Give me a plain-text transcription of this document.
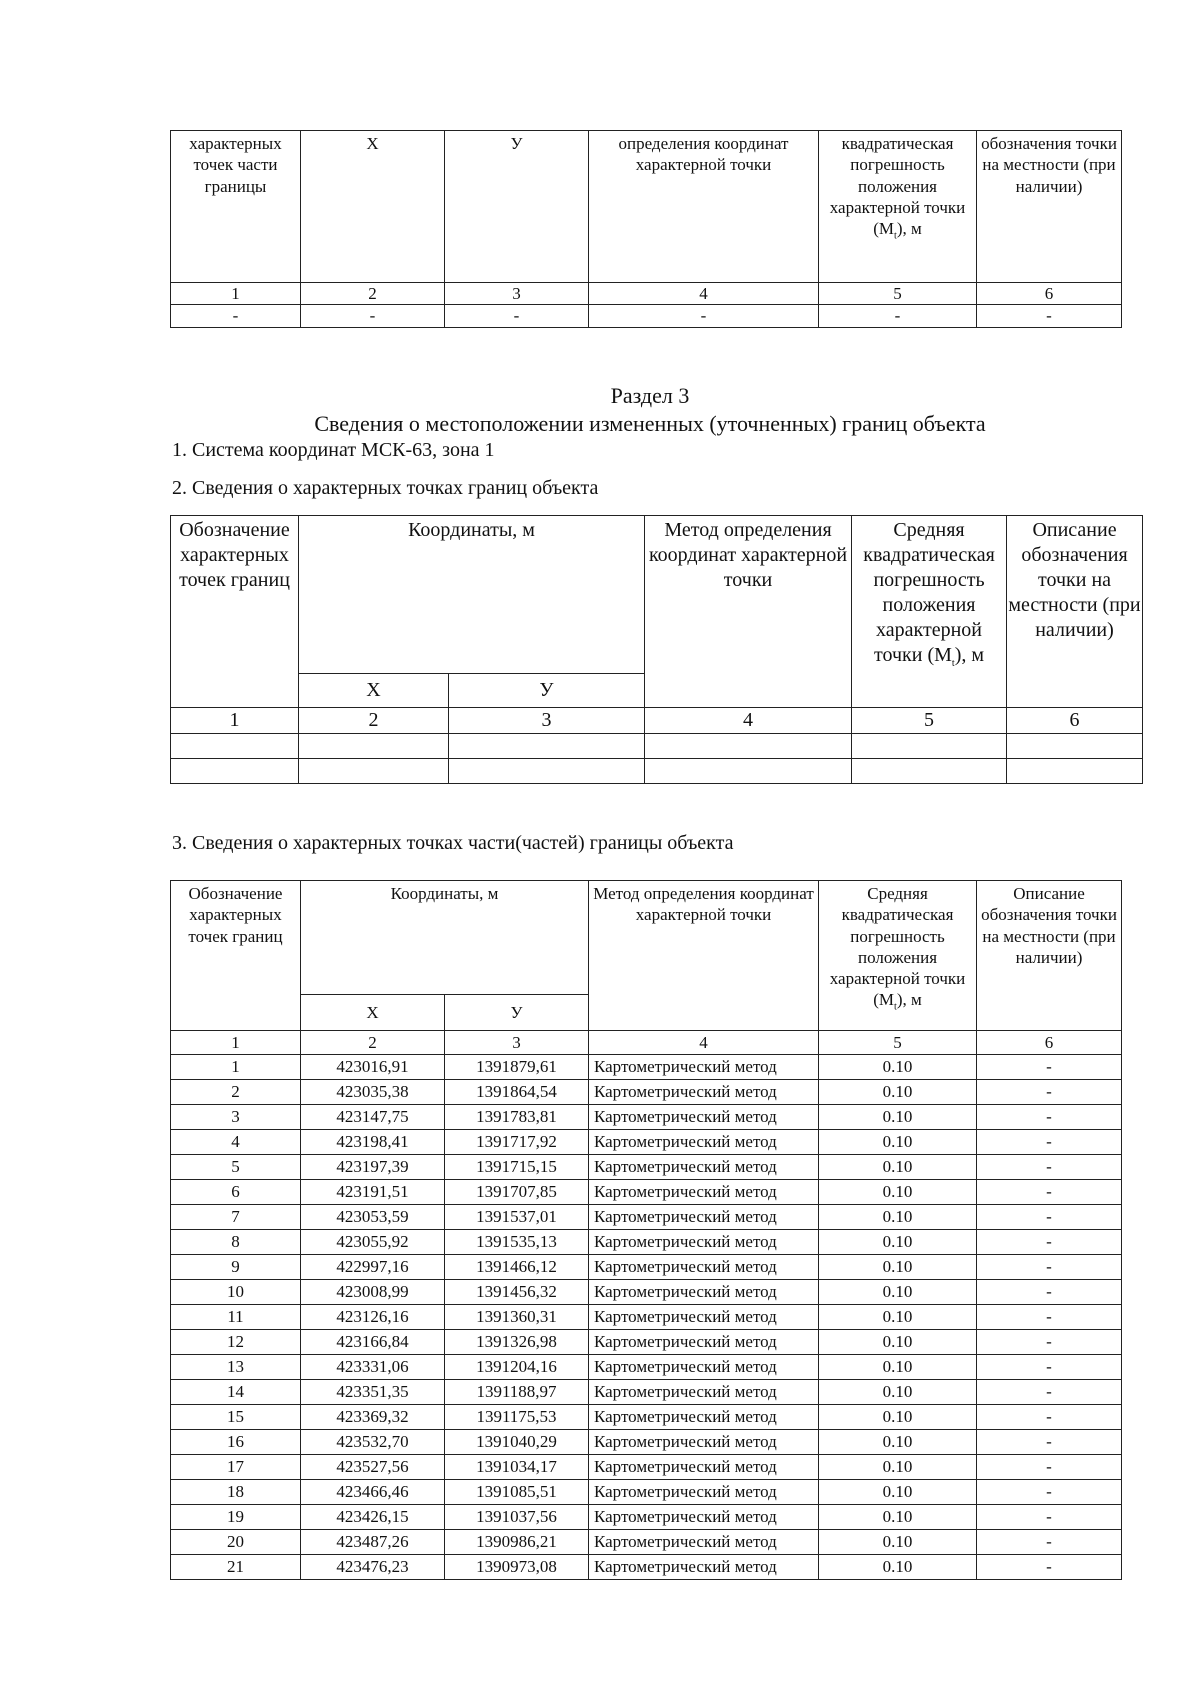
характерных точек части границы	Х	У	определения координат характерной точки	квадратическая погрешность положения характерной точки $(М_t)$, м	обозначения точки на местности (при наличии)
1	2	3	4	5	6
-	-	-	-	-	-
Раздел 3
Сведения о местоположении измененных (уточненных) границ объекта
1. Система координат МСК-63, зона 1
2. Сведения о характерных точках границ объекта
Обозначение характерных точек границ	Координаты, м		Метод определения координат характерной точки	Средняя квадратическая погрешность положения характерной точки $(М_t)$, м	Описание обозначения точки на местности (при наличии)
	Х	У			
1	2	3	4	5	6

3. Сведения о характерных точках части(частей) границы объекта
Обозначение характерных точек границ	Координаты, м		Метод определения координат характерной точки	Средняя квадратическая погрешность положения характерной точки $(М_t)$, м	Описание обозначения точки на местности (при наличии)
	Х	У			
1	2	3	4	5	6
1	423016,91	1391879,61	Картометрический метод	0.10	-
2	423035,38	1391864,54	Картометрический метод	0.10	-
3	423147,75	1391783,81	Картометрический метод	0.10	-
4	423198,41	1391717,92	Картометрический метод	0.10	-
5	423197,39	1391715,15	Картометрический метод	0.10	-
6	423191,51	1391707,85	Картометрический метод	0.10	-
7	423053,59	1391537,01	Картометрический метод	0.10	-
8	423055,92	1391535,13	Картометрический метод	0.10	-
9	422997,16	1391466,12	Картометрический метод	0.10	-
10	423008,99	1391456,32	Картометрический метод	0.10	-
11	423126,16	1391360,31	Картометрический метод	0.10	-
12	423166,84	1391326,98	Картометрический метод	0.10	-
13	423331,06	1391204,16	Картометрический метод	0.10	-
14	423351,35	1391188,97	Картометрический метод	0.10	-
15	423369,32	1391175,53	Картометрический метод	0.10	-
16	423532,70	1391040,29	Картометрический метод	0.10	-
17	423527,56	1391034,17	Картометрический метод	0.10	-
18	423466,46	1391085,51	Картометрический метод	0.10	-
19	423426,15	1391037,56	Картометрический метод	0.10	-
20	423487,26	1390986,21	Картометрический метод	0.10	-
21	423476,23	1390973,08	Картометрический метод	0.10	-
